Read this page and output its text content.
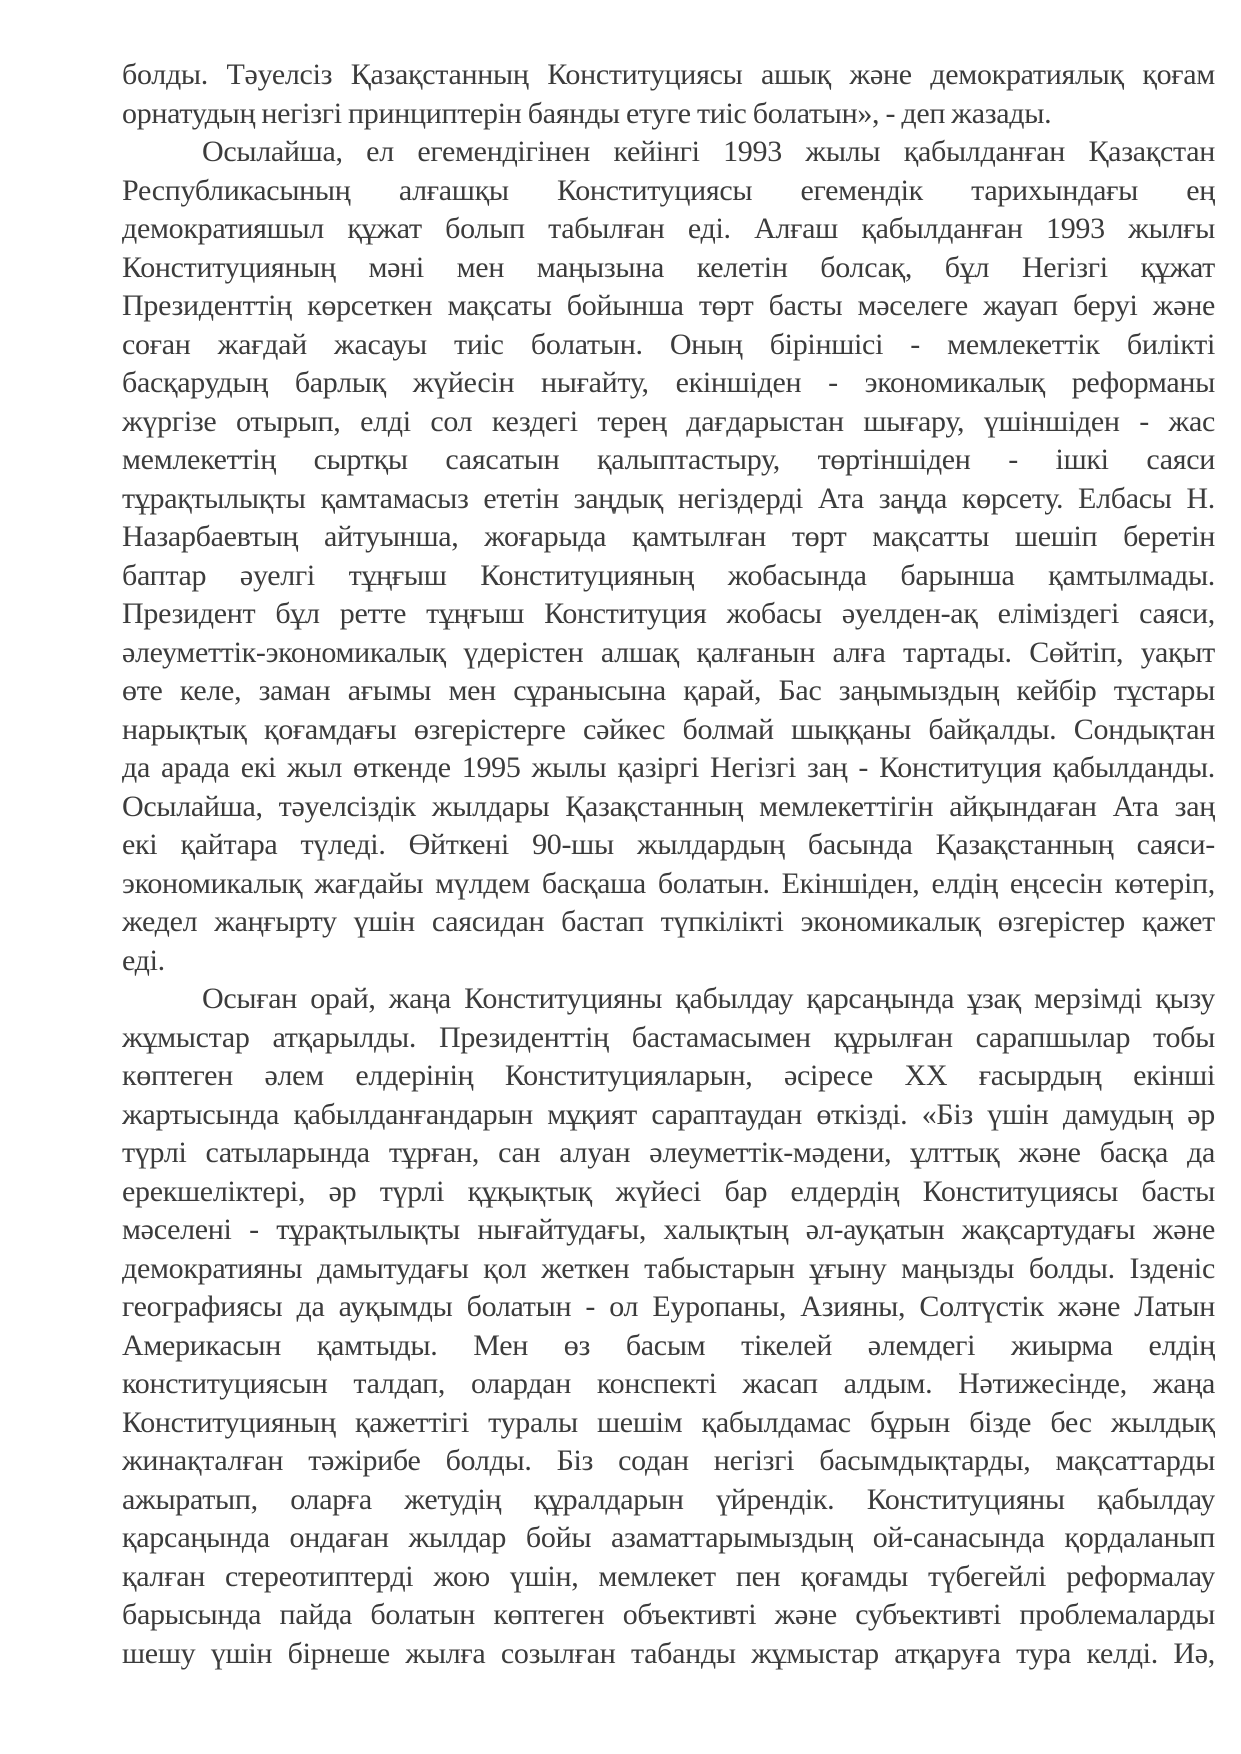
болды. Тәуелсіз Қазақстанның Конституциясы ашық және демократиялық қоғам
орнатудың негізгі принциптерін баянды етуге тиіс болатын», - деп жазады.
Осылайша, ел егемендігінен кейінгі 1993 жылы қабылданған Қазақстан
Республикасының алғашқы Конституциясы егемендік тарихындағы ең
демократияшыл құжат болып табылған еді. Алғаш қабылданған 1993 жылғы
Конституцияның мәні мен маңызына келетін болсақ, бұл Негізгі құжат
Президенттің көрсеткен мақсаты бойынша төрт басты мәселеге жауап беруі және
соған жағдай жасауы тиіс болатын. Оның біріншісі - мемлекеттік билікті
басқарудың барлық жүйесін нығайту, екіншіден - экономикалық реформаны
жүргізе отырып, елді сол кездегі терең дағдарыстан шығару, үшіншіден - жас
мемлекеттің сыртқы саясатын қалыптастыру, төртіншіден - ішкі саяси
тұрақтылықты қамтамасыз ететін заңдық негіздерді Ата заңда көрсету. Елбасы Н.
Назарбаевтың айтуынша, жоғарыда қамтылған төрт мақсатты шешіп беретін
баптар әуелгі тұңғыш Конституцияның жобасында барынша қамтылмады.
Президент бұл ретте тұңғыш Конституция жобасы әуелден-ақ еліміздегі саяси,
әлеуметтік-экономикалық үдерістен алшақ қалғанын алға тартады. Сөйтіп, уақыт
өте келе, заман ағымы мен сұранысына қарай, Бас заңымыздың кейбір тұстары
нарықтық қоғамдағы өзгерістерге сәйкес болмай шыққаны байқалды. Сондықтан
да арада екі жыл өткенде 1995 жылы қазіргі Негізгі заң - Конституция қабылданды.
Осылайша, тәуелсіздік жылдары Қазақстанның мемлекеттігін айқындаған Ата заң
екі қайтара түледі. Өйткені 90-шы жылдардың басында Қазақстанның саяси-
экономикалық жағдайы мүлдем басқаша болатын. Екіншіден, елдің еңсесін көтеріп,
жедел жаңғырту үшін саясидан бастап түпкілікті экономикалық өзгерістер қажет
еді.
Осыған орай, жаңа Конституцияны қабылдау қарсаңында ұзақ мерзімді қызу
жұмыстар атқарылды. Президенттің бастамасымен құрылған сарапшылар тобы
көптеген әлем елдерінің Конституцияларын, әсіресе ХХ ғасырдың екінші
жартысында қабылданғандарын мұқият сараптаудан өткізді. «Біз үшін дамудың әр
түрлі сатыларында тұрған, сан алуан әлеуметтік-мәдени, ұлттық және басқа да
ерекшеліктері, әр түрлі құқықтық жүйесі бар елдердің Конституциясы басты
мәселені - тұрақтылықты нығайтудағы, халықтың әл-ауқатын жақсартудағы және
демократияны дамытудағы қол жеткен табыстарын ұғыну маңызды болды. Ізденіс
географиясы да ауқымды болатын - ол Еуропаны, Азияны, Солтүстік және Латын
Америкасын қамтыды. Мен өз басым тікелей әлемдегі жиырма елдің
конституциясын талдап, олардан конспекті жасап алдым. Нәтижесінде, жаңа
Конституцияның қажеттігі туралы шешім қабылдамас бұрын бізде бес жылдық
жинақталған тәжірибе болды. Біз содан негізгі басымдықтарды, мақсаттарды
ажыратып, оларға жетудің құралдарын үйрендік. Конституцияны қабылдау
қарсаңында ондаған жылдар бойы азаматтарымыздың ой-санасында қордаланып
қалған стереотиптерді жою үшін, мемлекет пен қоғамды түбегейлі реформалау
барысында пайда болатын көптеген объективті және субъективті проблемаларды
шешу үшін бірнеше жылға созылған табанды жұмыстар атқаруға тура келді. Иә,
